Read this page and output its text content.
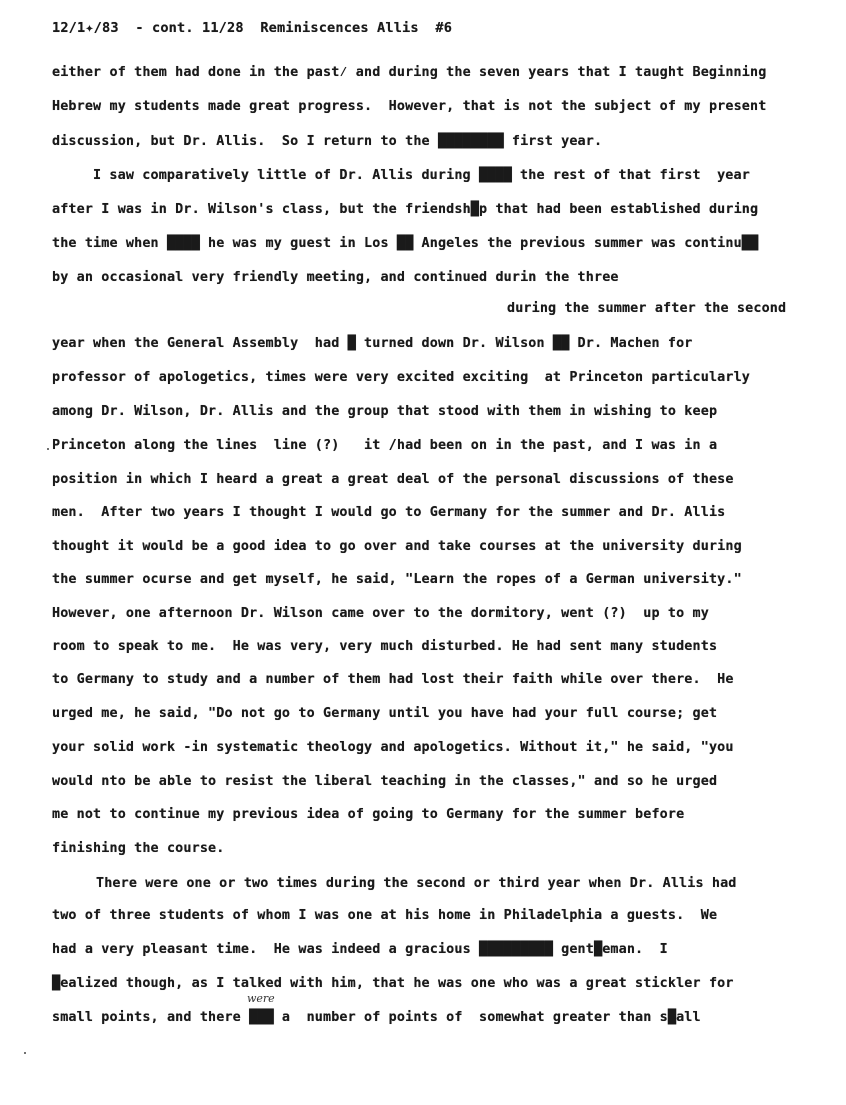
12/1✦/83  - cont. 11/28  Reminiscences Allis  #6
either of them had done in the past⁄ and during the seven years that I taught Beginning
Hebrew my students made great progress.  However, that is not the subject of my present
discussion, but Dr. Allis.  So I return to the ████████ first year.
I saw comparatively little of Dr. Allis during ████ the rest of that first  year
after I was in Dr. Wilson's class, but the friendsh█p that had been established during
the time when ████ he was my guest in Los ██ Angeles the previous summer was continu██
by an occasional very friendly meeting, and continued durin the three
during the summer after the second
year when the General Assembly  had █ turned down Dr. Wilson ██ Dr. Machen for
professor of apologetics, times were very excited exciting  at Princeton particularly
among Dr. Wilson, Dr. Allis and the group that stood with them in wishing to keep
Princeton along the lines  line (?)   it /had been on in the past, and I was in a
position in which I heard a great a great deal of the personal discussions of these
men.  After two years I thought I would go to Germany for the summer and Dr. Allis
thought it would be a good idea to go over and take courses at the university during
the summer ocurse and get myself, he said, "Learn the ropes of a German university."
However, one afternoon Dr. Wilson came over to the dormitory, went (?)  up to my
room to speak to me.  He was very, very much disturbed. He had sent many students
to Germany to study and a number of them had lost their faith while over there.  He
urged me, he said, "Do not go to Germany until you have had your full course; get
your solid work -in systematic theology and apologetics. Without it," he said, "you
would nto be able to resist the liberal teaching in the classes," and so he urged
me not to continue my previous idea of going to Germany for the summer before
finishing the course.
There were one or two times during the second or third year when Dr. Allis had
two of three students of whom I was one at his home in Philadelphia a guests.  We
had a very pleasant time.  He was indeed a gracious █████████ gent█eman.  I
█ealized though, as I talked with him, that he was one who was a great stickler for
small points, and there ███ a  number of points of  somewhat greater than s█all
were
